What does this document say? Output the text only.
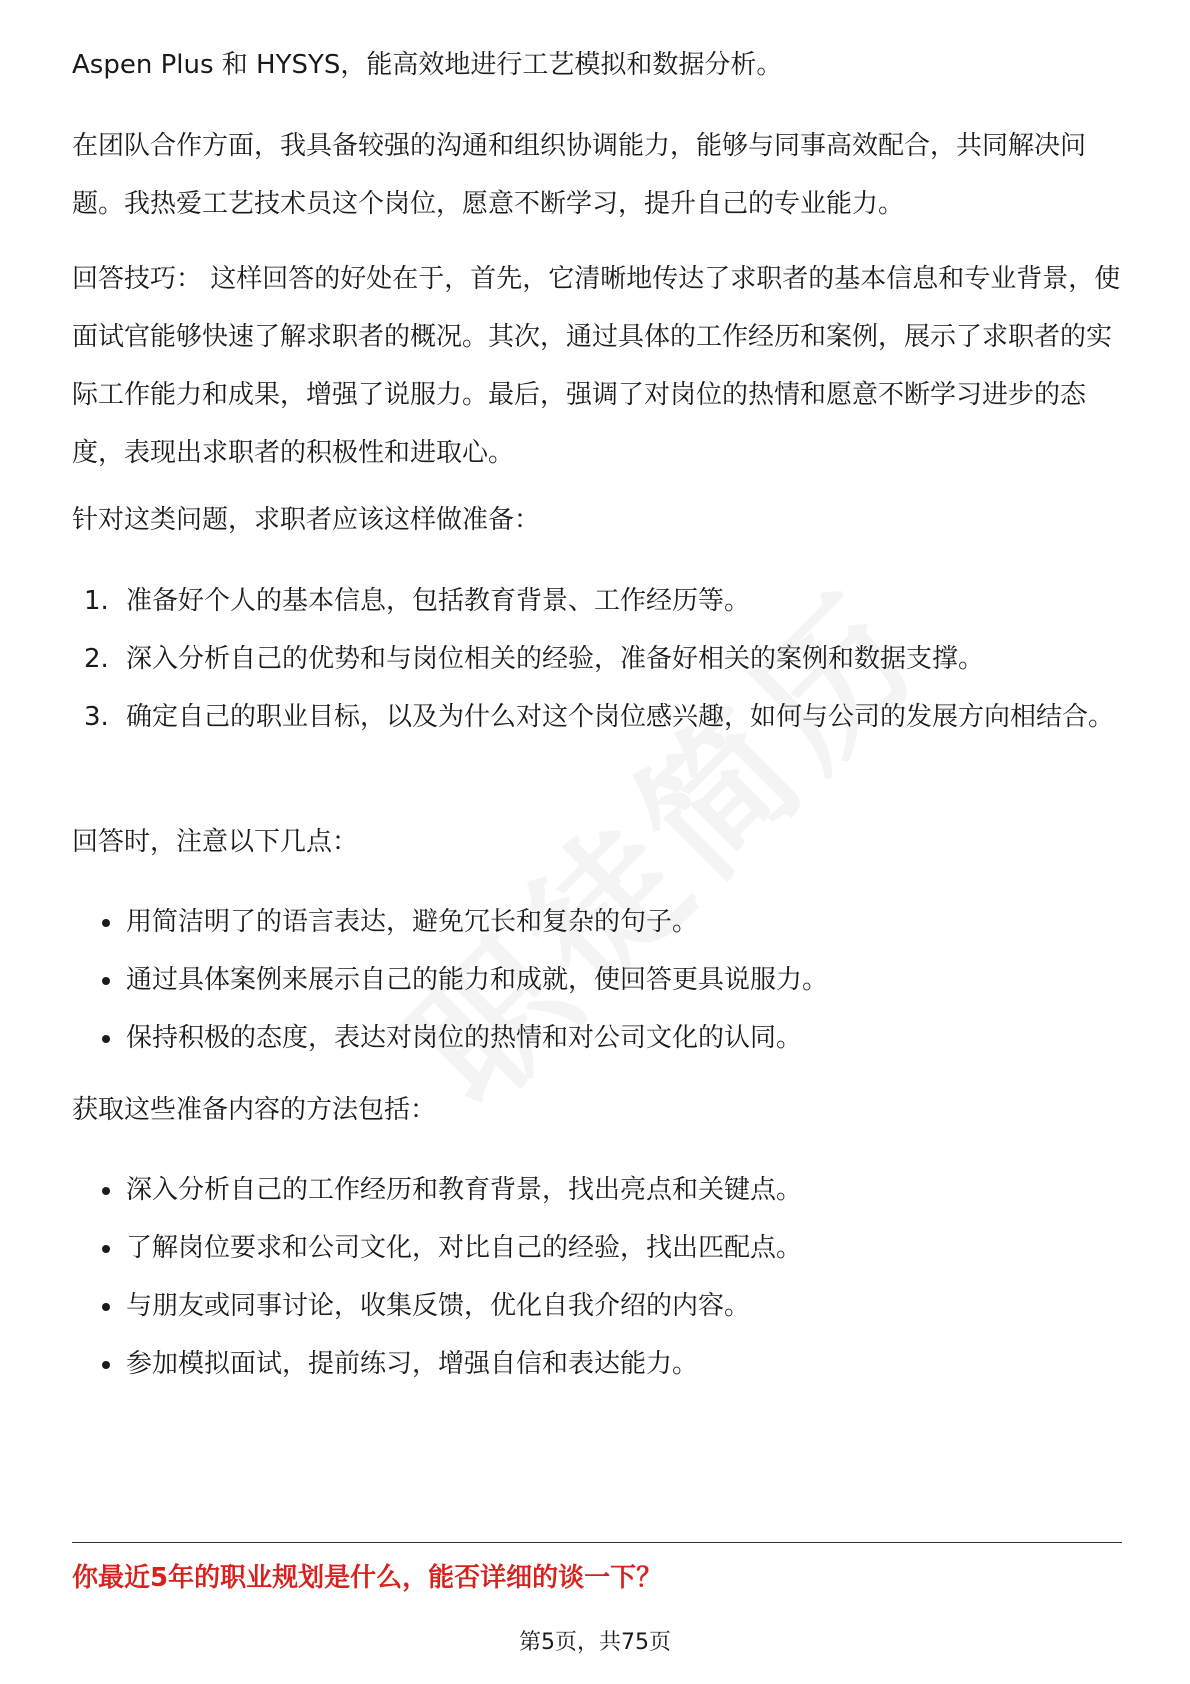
Aspen Plus 和 HYSYS，能高效地进行工艺模拟和数据分析。

在团队合作方面，我具备较强的沟通和组织协调能力，能够与同事高效配合，共同解决问题。我热爱工艺技术员这个岗位，愿意不断学习，提升自己的专业能力。

回答技巧： 这样回答的好处在于，首先，它清晰地传达了求职者的基本信息和专业背景，使面试官能够快速了解求职者的概况。其次，通过具体的工作经历和案例，展示了求职者的实际工作能力和成果，增强了说服力。最后，强调了对岗位的热情和愿意不断学习进步的态度，表现出求职者的积极性和进取心。

针对这类问题，求职者应该这样做准备：

1. 准备好个人的基本信息，包括教育背景、工作经历等。
2. 深入分析自己的优势和与岗位相关的经验，准备好相关的案例和数据支撑。
3. 确定自己的职业目标，以及为什么对这个岗位感兴趣，如何与公司的发展方向相结合。

回答时，注意以下几点：

用简洁明了的语言表达，避免冗长和复杂的句子。
通过具体案例来展示自己的能力和成就，使回答更具说服力。
保持积极的态度，表达对岗位的热情和对公司文化的认同。

获取这些准备内容的方法包括：

深入分析自己的工作经历和教育背景，找出亮点和关键点。
了解岗位要求和公司文化，对比自己的经验，找出匹配点。
与朋友或同事讨论，收集反馈，优化自我介绍的内容。
参加模拟面试，提前练习，增强自信和表达能力。
你最近5年的职业规划是什么，能否详细的谈一下？
第5页，共75页
